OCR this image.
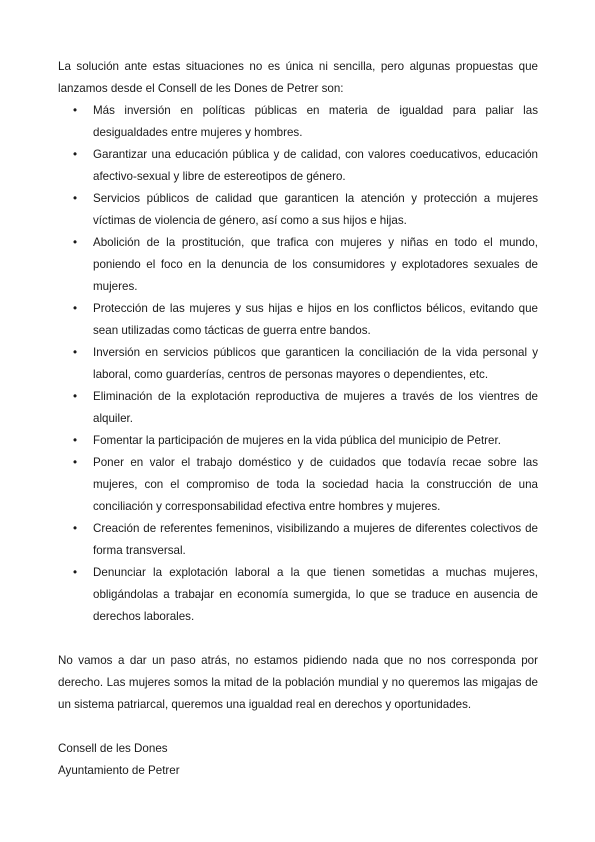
La solución ante estas situaciones no es única ni sencilla, pero algunas propuestas que lanzamos desde el Consell de les Dones de Petrer son:

• Más inversión en políticas públicas en materia de igualdad para paliar las desigualdades entre mujeres y hombres.
• Garantizar una educación pública y de calidad, con valores coeducativos, educación afectivo-sexual y libre de estereotipos de género.
• Servicios públicos de calidad que garanticen la atención y protección a mujeres víctimas de violencia de género, así como a sus hijos e hijas.
• Abolición de la prostitución, que trafica con mujeres y niñas en todo el mundo, poniendo el foco en la denuncia de los consumidores y explotadores sexuales de mujeres.
• Protección de las mujeres y sus hijas e hijos en los conflictos bélicos, evitando que sean utilizadas como tácticas de guerra entre bandos.
• Inversión en servicios públicos que garanticen la conciliación de la vida personal y laboral, como guarderías, centros de personas mayores o dependientes, etc.
• Eliminación de la explotación reproductiva de mujeres a través de los vientres de alquiler.
• Fomentar la participación de mujeres en la vida pública del municipio de Petrer.
• Poner en valor el trabajo doméstico y de cuidados que todavía recae sobre las mujeres, con el compromiso de toda la sociedad hacia la construcción de una conciliación y corresponsabilidad efectiva entre hombres y mujeres.
• Creación de referentes femeninos, visibilizando a mujeres de diferentes colectivos de forma transversal.
• Denunciar la explotación laboral a la que tienen sometidas a muchas mujeres, obligándolas a trabajar en economía sumergida, lo que se traduce en ausencia de derechos laborales.

No vamos a dar un paso atrás, no estamos pidiendo nada que no nos corresponda por derecho. Las mujeres somos la mitad de la población mundial y no queremos las migajas de un sistema patriarcal, queremos una igualdad real en derechos y oportunidades.

Consell de les Dones

Ayuntamiento de Petrer
